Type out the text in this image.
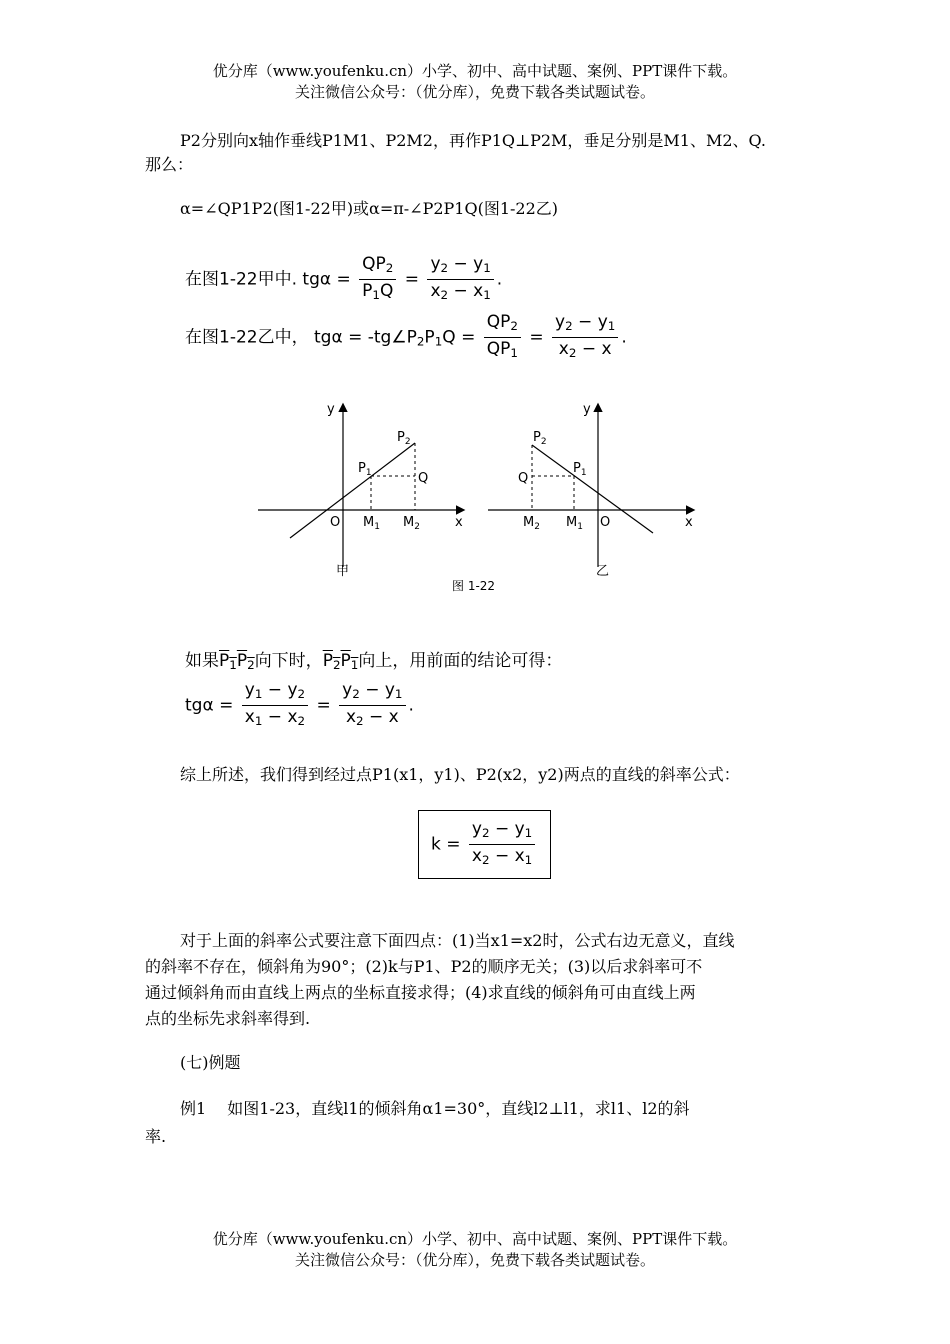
优分库（www.youfenku.cn）小学、初中、高中试题、案例、PPT课件下载。
关注微信公众号：（优分库），免费下载各类试题试卷。
P2分别向x轴作垂线P1M1、P2M2，再作P1Q⊥P2M，垂足分别是M1、M2、Q.
那么：
α=∠QP1P2(图1-22甲)或α=π-∠P2P1Q(图1-22乙)
在图1-22甲中. $tg\alpha = \frac{QP_2}{P_1Q} = \frac{y_2 - y_1}{x_2 - x_1}$ .
在图1-22乙中， $tg\alpha = -tg\angle P_2P_1Q = \frac{QP_2}{QP_1} = \frac{y_2 - y_1}{x_2 - x}$ .
y
x
O
$P_2$
$P_1$	Q
$M_1$ $M_2$
甲
y
x
O
$P_2$
$P_1$
Q
$M_2$ $M_1$
乙
图 1-22
如果$P_1P_2$向下时，$P_2P_1$向上，用前面的结论可得：
$tg\alpha = \frac{y_1 - y_2}{x_1 - x_2} = \frac{y_2 - y_1}{x_2 - x}$ .
综上所述，我们得到经过点P1(x1，y1)、P2(x2，y2)两点的直线的斜率公式：
$k = \frac{y_2 - y_1}{x_2 - x_1}$
对于上面的斜率公式要注意下面四点：(1)当x1=x2时，公式右边无意义，直线
的斜率不存在，倾斜角为90°；(2)k与P1、P2的顺序无关；(3)以后求斜率可不
通过倾斜角而由直线上两点的坐标直接求得；(4)求直线的倾斜角可由直线上两
点的坐标先求斜率得到.
(七)例题
例1　 如图1-23，直线l1的倾斜角α1=30°，直线l2⊥l1，求l1、l2的斜
率.
优分库（www.youfenku.cn）小学、初中、高中试题、案例、PPT课件下载。
关注微信公众号：（优分库），免费下载各类试题试卷。
